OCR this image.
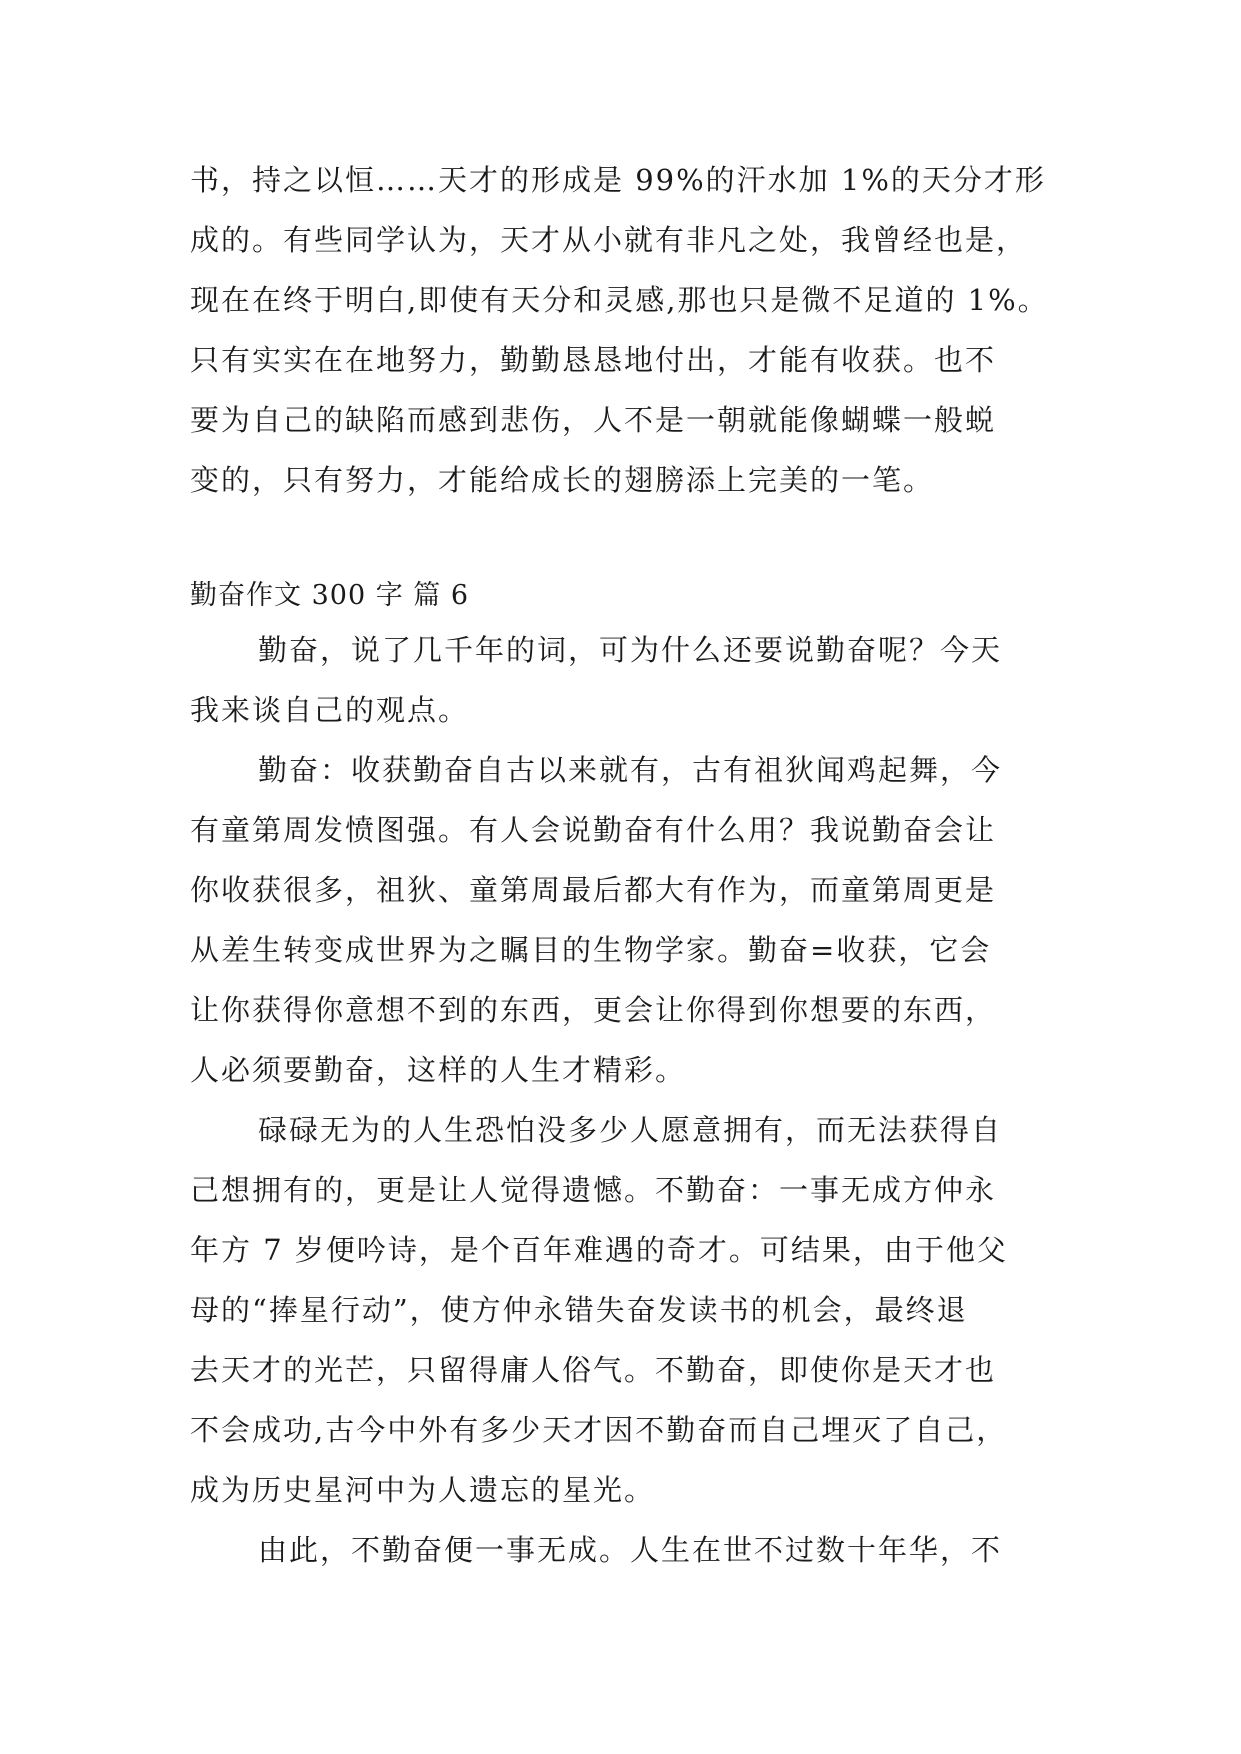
书，持之以恒……天才的形成是 99%的汗水加 1%的天分才形
成的。有些同学认为，天才从小就有非凡之处，我曾经也是，
现在在终于明白,即使有天分和灵感,那也只是微不足道的 1%。
只有实实在在地努力，勤勤恳恳地付出，才能有收获。也不
要为自己的缺陷而感到悲伤，人不是一朝就能像蝴蝶一般蜕
变的，只有努力，才能给成长的翅膀添上完美的一笔。
勤奋作文 300 字 篇 6
勤奋，说了几千年的词，可为什么还要说勤奋呢？今天
我来谈自己的观点。
勤奋：收获勤奋自古以来就有，古有祖狄闻鸡起舞，今
有童第周发愤图强。有人会说勤奋有什么用？我说勤奋会让
你收获很多，祖狄、童第周最后都大有作为，而童第周更是
从差生转变成世界为之瞩目的生物学家。勤奋=收获，它会
让你获得你意想不到的东西，更会让你得到你想要的东西，
人必须要勤奋，这样的人生才精彩。
碌碌无为的人生恐怕没多少人愿意拥有，而无法获得自
己想拥有的，更是让人觉得遗憾。不勤奋：一事无成方仲永
年方 7 岁便吟诗，是个百年难遇的奇才。可结果，由于他父
母的“捧星行动”，使方仲永错失奋发读书的机会，最终退
去天才的光芒，只留得庸人俗气。不勤奋，即使你是天才也
不会成功,古今中外有多少天才因不勤奋而自己埋灭了自己，
成为历史星河中为人遗忘的星光。
由此，不勤奋便一事无成。人生在世不过数十年华，不
